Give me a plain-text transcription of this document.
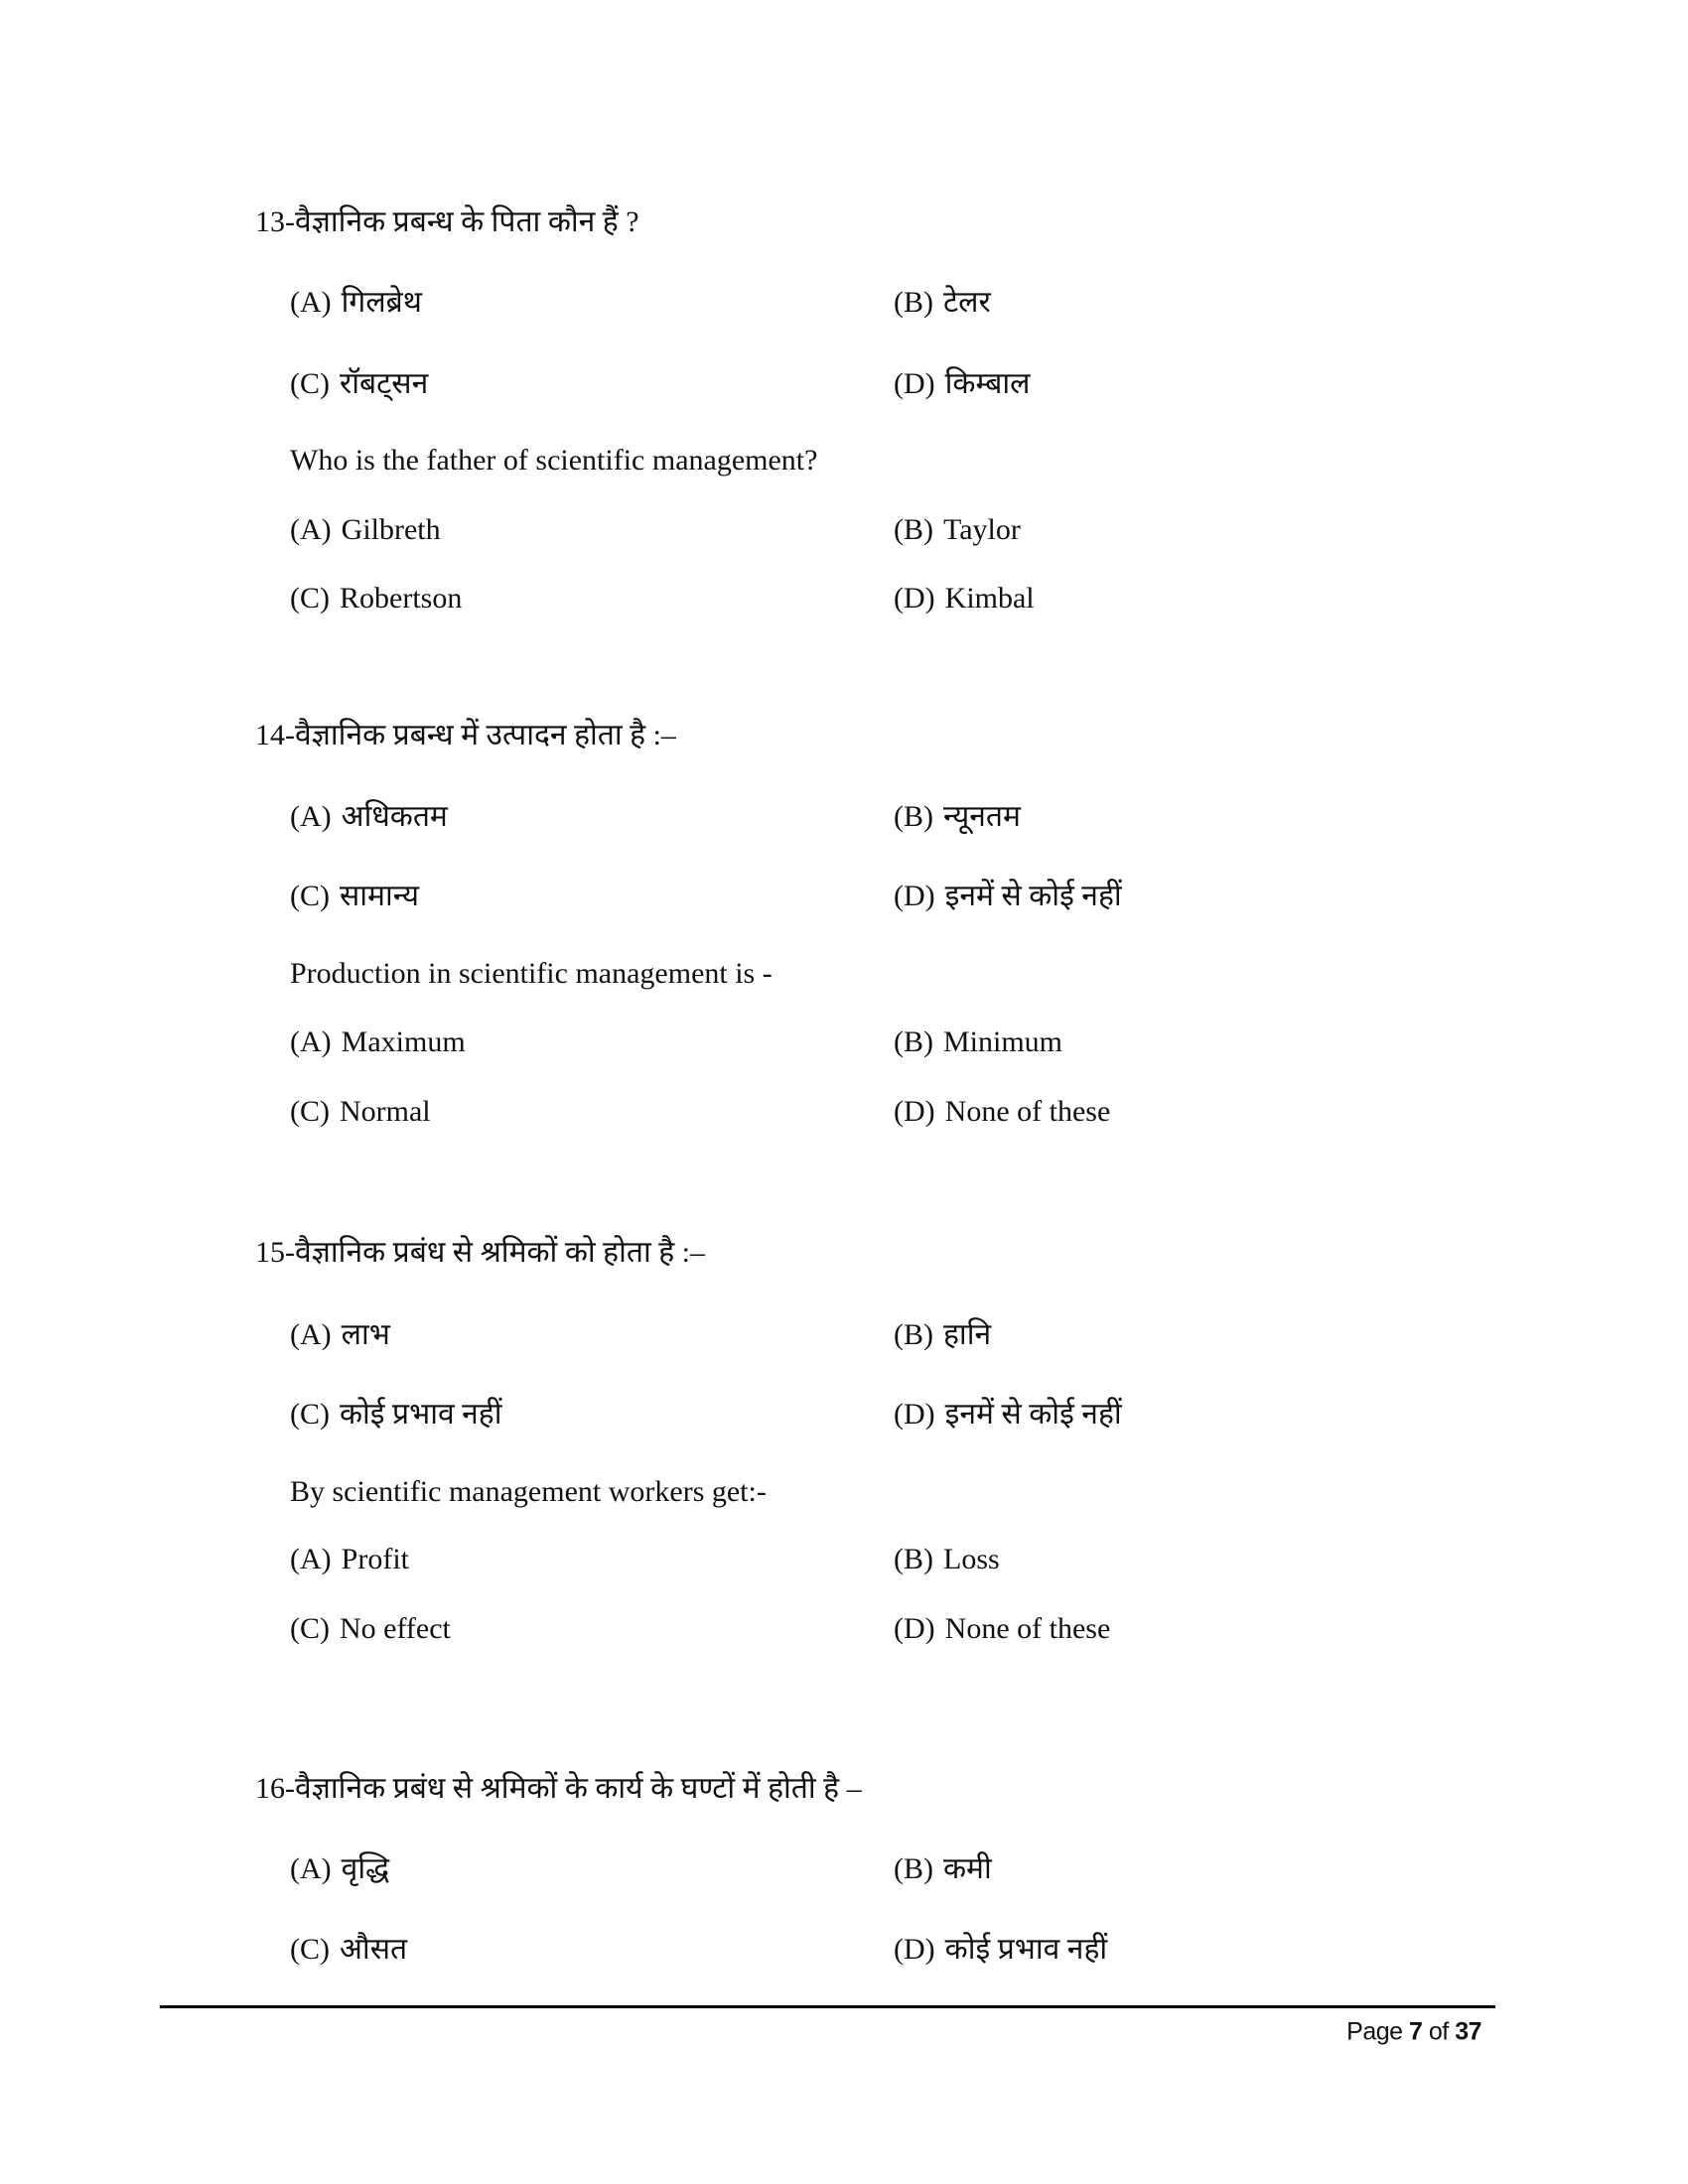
13-वैज्ञानिक प्रबन्ध के पिता कौन हैं ?
(A) गिलब्रेथ	(B) टेलर
(C) रॉबट्सन	(D) किम्बाल
Who is the father of scientific management?
(A) Gilbreth	(B) Taylor
(C) Robertson	(D) Kimbal
14-वैज्ञानिक प्रबन्ध में उत्पादन होता है :–
(A) अधिकतम	(B) न्यूनतम
(C) सामान्य	(D) इनमें से कोई नहीं
Production in scientific management is -
(A) Maximum	(B) Minimum
(C) Normal	(D) None of these
15-वैज्ञानिक प्रबंध से श्रमिकों को होता है :–
(A) लाभ	(B) हानि
(C) कोई प्रभाव नहीं	(D) इनमें से कोई नहीं
By scientific management workers get:-
(A) Profit	(B) Loss
(C) No effect	(D) None of these
16-वैज्ञानिक प्रबंध से श्रमिकों के कार्य के घण्टों में होती है –
(A) वृद्धि	(B) कमी
(C) औसत	(D) कोई प्रभाव नहीं
Page 7 of 37
